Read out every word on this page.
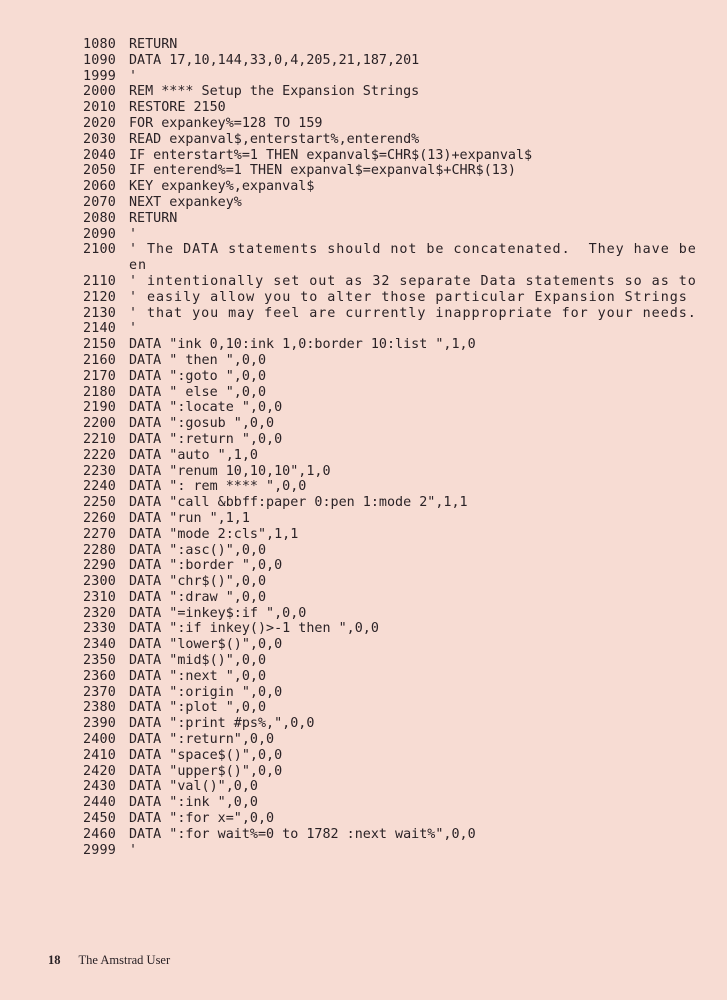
1080 RETURN
1090 DATA 17,10,144,33,0,4,205,21,187,201
1999 '
2000 REM **** Setup the Expansion Strings
2010 RESTORE 2150
2020 FOR expankey%=128 TO 159
2030 READ expanval$,enterstart%,enterend%
2040 IF enterstart%=1 THEN expanval$=CHR$(13)+expanval$
2050 IF enterend%=1 THEN expanval$=expanval$+CHR$(13)
2060 KEY expankey%,expanval$
2070 NEXT expankey%
2080 RETURN
2090 '
2100 ' The DATA statements should not be concatenated.  They have been
2110 ' intentionally set out as 32 separate Data statements so as to
2120 ' easily allow you to alter those particular Expansion Strings
2130 ' that you may feel are currently inappropriate for your needs.
2140 '
2150 DATA "ink 0,10:ink 1,0:border 10:list ",1,0
2160 DATA " then ",0,0
2170 DATA ":goto ",0,0
2180 DATA " else ",0,0
2190 DATA ":locate ",0,0
2200 DATA ":gosub ",0,0
2210 DATA ":return ",0,0
2220 DATA "auto ",1,0
2230 DATA "renum 10,10,10",1,0
2240 DATA ": rem **** ",0,0
2250 DATA "call &bbff:paper 0:pen 1:mode 2",1,1
2260 DATA "run ",1,1
2270 DATA "mode 2:cls",1,1
2280 DATA ":asc()",0,0
2290 DATA ":border ",0,0
2300 DATA "chr$()",0,0
2310 DATA ":draw ",0,0
2320 DATA "=inkey$:if ",0,0
2330 DATA ":if inkey()>-1 then ",0,0
2340 DATA "lower$()",0,0
2350 DATA "mid$()",0,0
2360 DATA ":next ",0,0
2370 DATA ":origin ",0,0
2380 DATA ":plot ",0,0
2390 DATA ":print #ps%,",0,0
2400 DATA ":return",0,0
2410 DATA "space$()",0,0
2420 DATA "upper$()",0,0
2430 DATA "val()",0,0
2440 DATA ":ink ",0,0
2450 DATA ":for x=",0,0
2460 DATA ":for wait%=0 to 1782 :next wait%",0,0
2999 '
18 The Amstrad User
